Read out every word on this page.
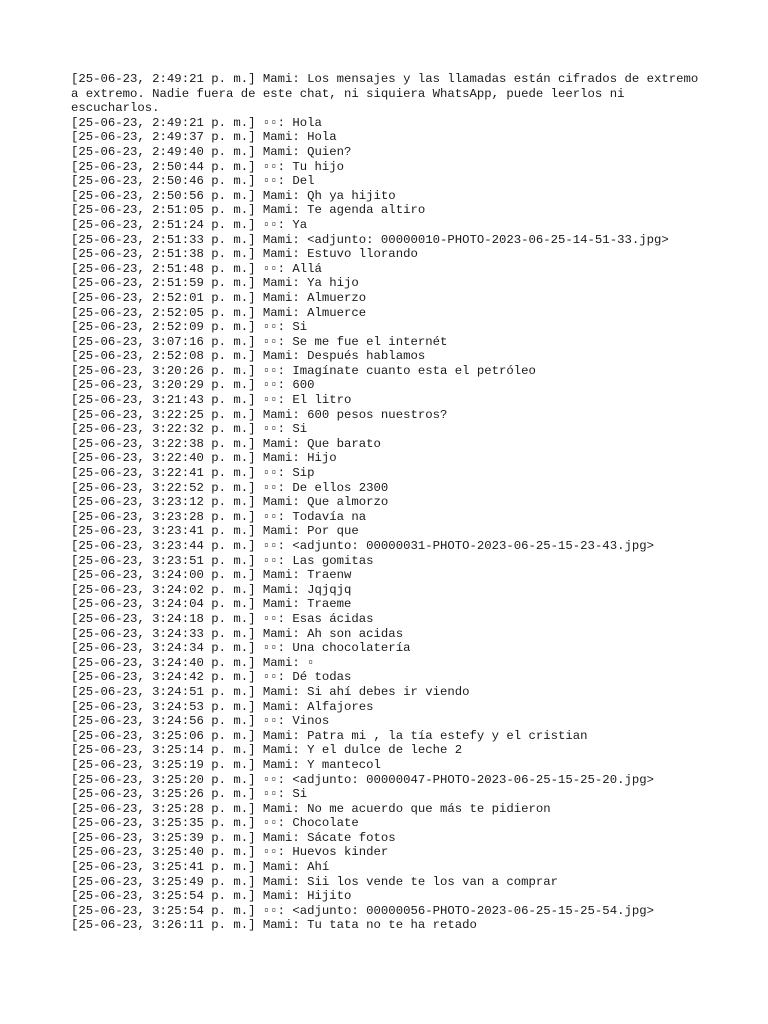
[25-06-23, 2:49:21 p. m.] Mami: Los mensajes y las llamadas están cifrados de extremo a extremo. Nadie fuera de este chat, ni siquiera WhatsApp, puede leerlos ni escucharlos.
[25-06-23, 2:49:21 p. m.] ▫▫: Hola
[25-06-23, 2:49:37 p. m.] Mami: Hola
[25-06-23, 2:49:40 p. m.] Mami: Quien?
[25-06-23, 2:50:44 p. m.] ▫▫: Tu hijo
[25-06-23, 2:50:46 p. m.] ▫▫: Del
[25-06-23, 2:50:56 p. m.] Mami: Qh ya hijito
[25-06-23, 2:51:05 p. m.] Mami: Te agenda altiro
[25-06-23, 2:51:24 p. m.] ▫▫: Ya
[25-06-23, 2:51:33 p. m.] Mami: <adjunto: 00000010-PHOTO-2023-06-25-14-51-33.jpg>
[25-06-23, 2:51:38 p. m.] Mami: Estuvo llorando
[25-06-23, 2:51:48 p. m.] ▫▫: Allá
[25-06-23, 2:51:59 p. m.] Mami: Ya hijo
[25-06-23, 2:52:01 p. m.] Mami: Almuerzo
[25-06-23, 2:52:05 p. m.] Mami: Almuerce
[25-06-23, 2:52:09 p. m.] ▫▫: Si
[25-06-23, 3:07:16 p. m.] ▫▫: Se me fue el internét
[25-06-23, 2:52:08 p. m.] Mami: Después hablamos
[25-06-23, 3:20:26 p. m.] ▫▫: Imagínate cuanto esta el petróleo
[25-06-23, 3:20:29 p. m.] ▫▫: 600
[25-06-23, 3:21:43 p. m.] ▫▫: El litro
[25-06-23, 3:22:25 p. m.] Mami: 600 pesos nuestros?
[25-06-23, 3:22:32 p. m.] ▫▫: Si
[25-06-23, 3:22:38 p. m.] Mami: Que barato
[25-06-23, 3:22:40 p. m.] Mami: Hijo
[25-06-23, 3:22:41 p. m.] ▫▫: Sip
[25-06-23, 3:22:52 p. m.] ▫▫: De ellos 2300
[25-06-23, 3:23:12 p. m.] Mami: Que almorzo
[25-06-23, 3:23:28 p. m.] ▫▫: Todavía na
[25-06-23, 3:23:41 p. m.] Mami: Por que
[25-06-23, 3:23:44 p. m.] ▫▫: <adjunto: 00000031-PHOTO-2023-06-25-15-23-43.jpg>
[25-06-23, 3:23:51 p. m.] ▫▫: Las gomitas
[25-06-23, 3:24:00 p. m.] Mami: Traenw
[25-06-23, 3:24:02 p. m.] Mami: Jqjqjq
[25-06-23, 3:24:04 p. m.] Mami: Traeme
[25-06-23, 3:24:18 p. m.] ▫▫: Esas ácidas
[25-06-23, 3:24:33 p. m.] Mami: Ah son acidas
[25-06-23, 3:24:34 p. m.] ▫▫: Una chocolatería
[25-06-23, 3:24:40 p. m.] Mami: ▫
[25-06-23, 3:24:42 p. m.] ▫▫: Dé todas
[25-06-23, 3:24:51 p. m.] Mami: Si ahí debes ir viendo
[25-06-23, 3:24:53 p. m.] Mami: Alfajores
[25-06-23, 3:24:56 p. m.] ▫▫: Vinos
[25-06-23, 3:25:06 p. m.] Mami: Patra mi , la tía estefy y el cristian
[25-06-23, 3:25:14 p. m.] Mami: Y el dulce de leche 2
[25-06-23, 3:25:19 p. m.] Mami: Y mantecol
[25-06-23, 3:25:20 p. m.] ▫▫: <adjunto: 00000047-PHOTO-2023-06-25-15-25-20.jpg>
[25-06-23, 3:25:26 p. m.] ▫▫: Si
[25-06-23, 3:25:28 p. m.] Mami: No me acuerdo que más te pidieron
[25-06-23, 3:25:35 p. m.] ▫▫: Chocolate
[25-06-23, 3:25:39 p. m.] Mami: Sácate fotos
[25-06-23, 3:25:40 p. m.] ▫▫: Huevos kinder
[25-06-23, 3:25:41 p. m.] Mami: Ahí
[25-06-23, 3:25:49 p. m.] Mami: Sii los vende te los van a comprar
[25-06-23, 3:25:54 p. m.] Mami: Hijito
[25-06-23, 3:25:54 p. m.] ▫▫: <adjunto: 00000056-PHOTO-2023-06-25-15-25-54.jpg>
[25-06-23, 3:26:11 p. m.] Mami: Tu tata no te ha retado
